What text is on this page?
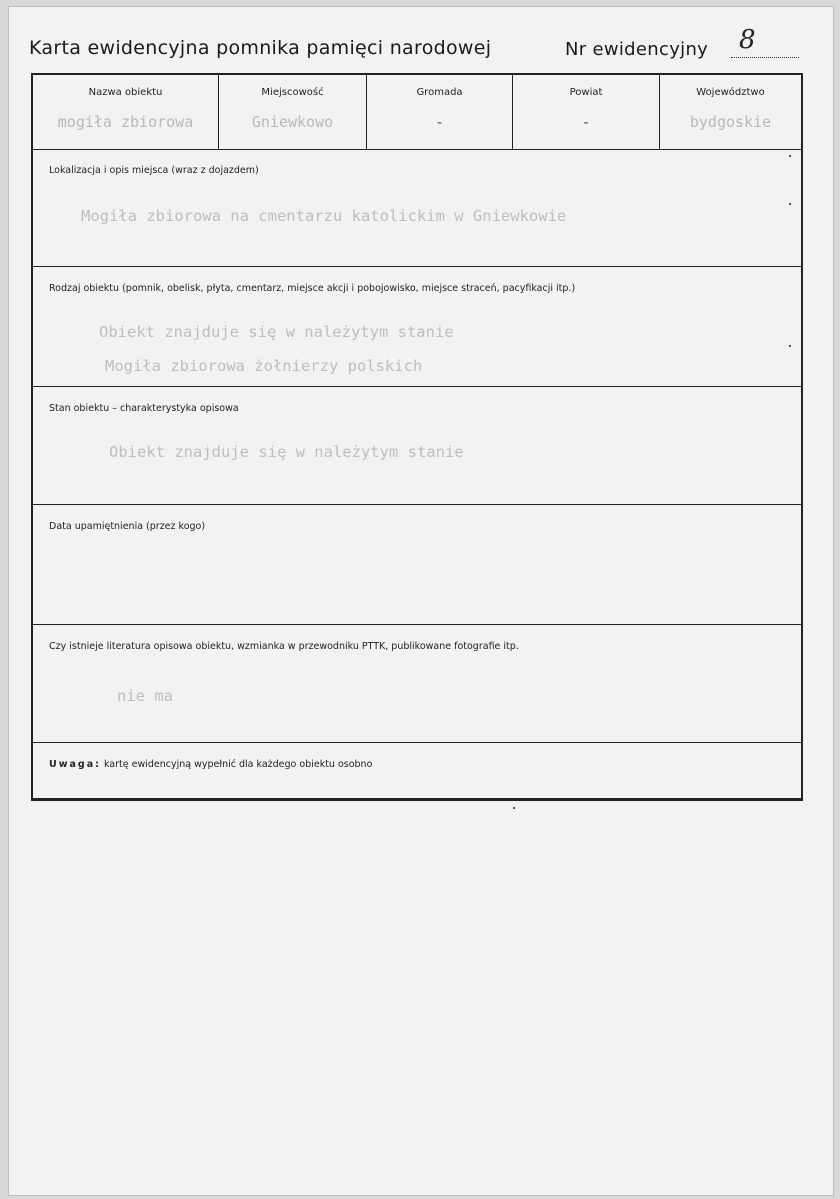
Karta ewidencyjna pomnika pamięci narodowej	Nr ewidencyjny 8
Nazwa obiektu
mogiła zbiorowa
Miejscowość
Gniewkowo
Gromada
-
Powiat
-
Województwo
bydgoskie
Lokalizacja i opis miejsca (wraz z dojazdem)
Mogiła zbiorowa na cmentarzu katolickim w Gniewkowie
Rodzaj obiektu (pomnik, obelisk, płyta, cmentarz, miejsce akcji i pobojowisko, miejsce straceń, pacyfikacji itp.)
Obiekt znajduje się w należytym stanie
Mogiła zbiorowa żołnierzy polskich
Stan obiektu – charakterystyka opisowa
Obiekt znajduje się w należytym stanie
Data upamiętnienia (przez kogo)
Czy istnieje literatura opisowa obiektu, wzmianka w przewodniku PTTK, publikowane fotografie itp.
nie ma
Uwaga: kartę ewidencyjną wypełnić dla każdego obiektu osobno
